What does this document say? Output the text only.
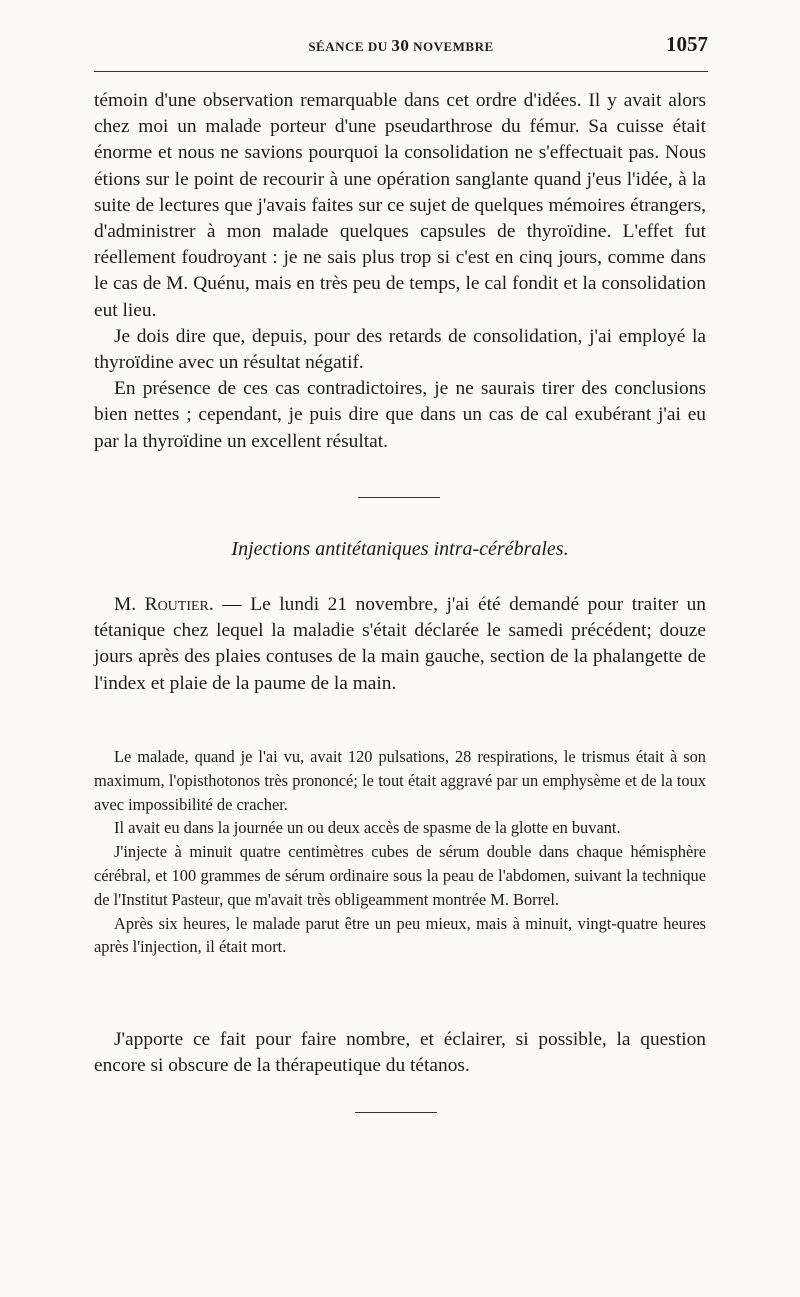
SÉANCE DU 30 NOVEMBRE	1057

témoin d'une observation remarquable dans cet ordre d'idées. Il y avait alors chez moi un malade porteur d'une pseudarthrose du fémur. Sa cuisse était énorme et nous ne savions pourquoi la consolidation ne s'effectuait pas. Nous étions sur le point de recourir à une opération sanglante quand j'eus l'idée, à la suite de lectures que j'avais faites sur ce sujet de quelques mémoires étrangers, d'administrer à mon malade quelques capsules de thyroïdine. L'effet fut réellement foudroyant : je ne sais plus trop si c'est en cinq jours, comme dans le cas de M. Quénu, mais en très peu de temps, le cal fondit et la consolidation eut lieu.

Je dois dire que, depuis, pour des retards de consolidation, j'ai employé la thyroïdine avec un résultat négatif.

En présence de ces cas contradictoires, je ne saurais tirer des conclusions bien nettes ; cependant, je puis dire que dans un cas de cal exubérant j'ai eu par la thyroïdine un excellent résultat.

Injections antitétaniques intra-cérébrales.

M. Routier. — Le lundi 21 novembre, j'ai été demandé pour traiter un tétanique chez lequel la maladie s'était déclarée le samedi précédent; douze jours après des plaies contuses de la main gauche, section de la phalangette de l'index et plaie de la paume de la main.

Le malade, quand je l'ai vu, avait 120 pulsations, 28 respirations, le trismus était à son maximum, l'opisthotonos très prononcé; le tout était aggravé par un emphysème et de la toux avec impossibilité de cracher.

Il avait eu dans la journée un ou deux accès de spasme de la glotte en buvant.

J'injecte à minuit quatre centimètres cubes de sérum double dans chaque hémisphère cérébral, et 100 grammes de sérum ordinaire sous la peau de l'abdomen, suivant la technique de l'Institut Pasteur, que m'avait très obligeamment montrée M. Borrel.

Après six heures, le malade parut être un peu mieux, mais à minuit, vingt-quatre heures après l'injection, il était mort.

J'apporte ce fait pour faire nombre, et éclairer, si possible, la question encore si obscure de la thérapeutique du tétanos.
